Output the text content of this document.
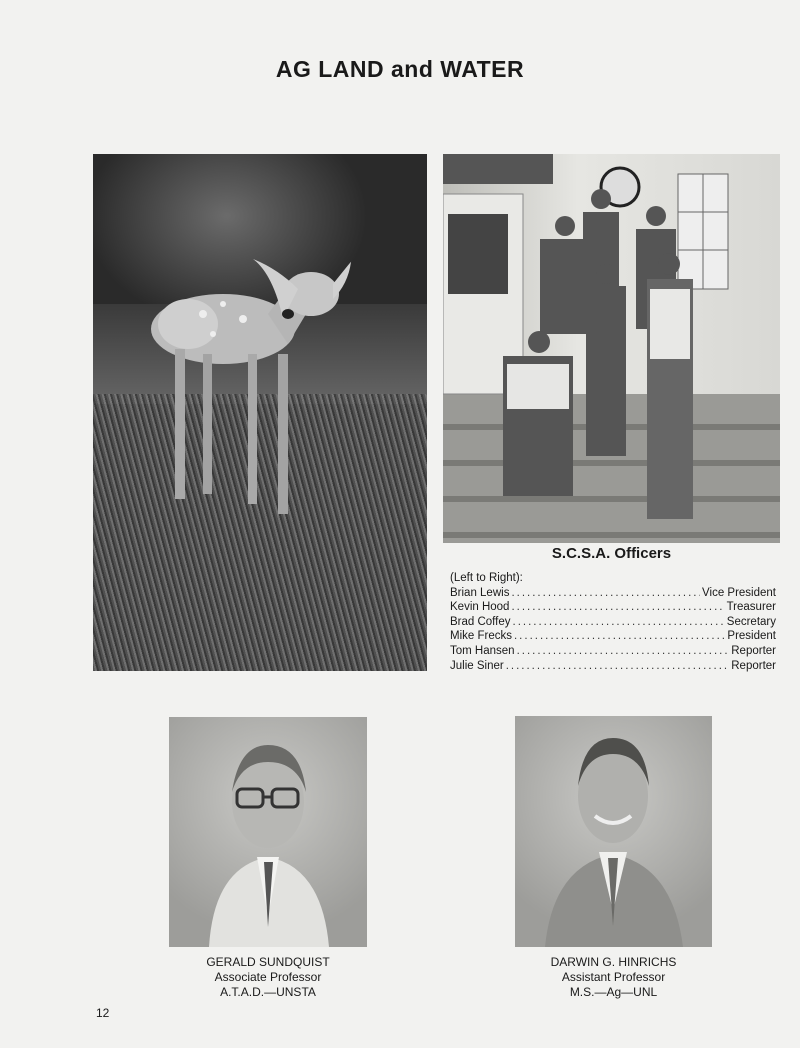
AG LAND and WATER
S.C.S.A. Officers
(Left to Right):
Brian Lewis .....	Vice President
Kevin Hood .....	Treasurer
Brad Coffey .....	Secretary
Mike Frecks .....	President
Tom Hansen .....	Reporter
Julie Siner .....	Reporter
GERALD SUNDQUIST
Associate Professor
A.T.A.D.—UNSTA
DARWIN G. HINRICHS
Assistant Professor
M.S.—Ag—UNL
12
